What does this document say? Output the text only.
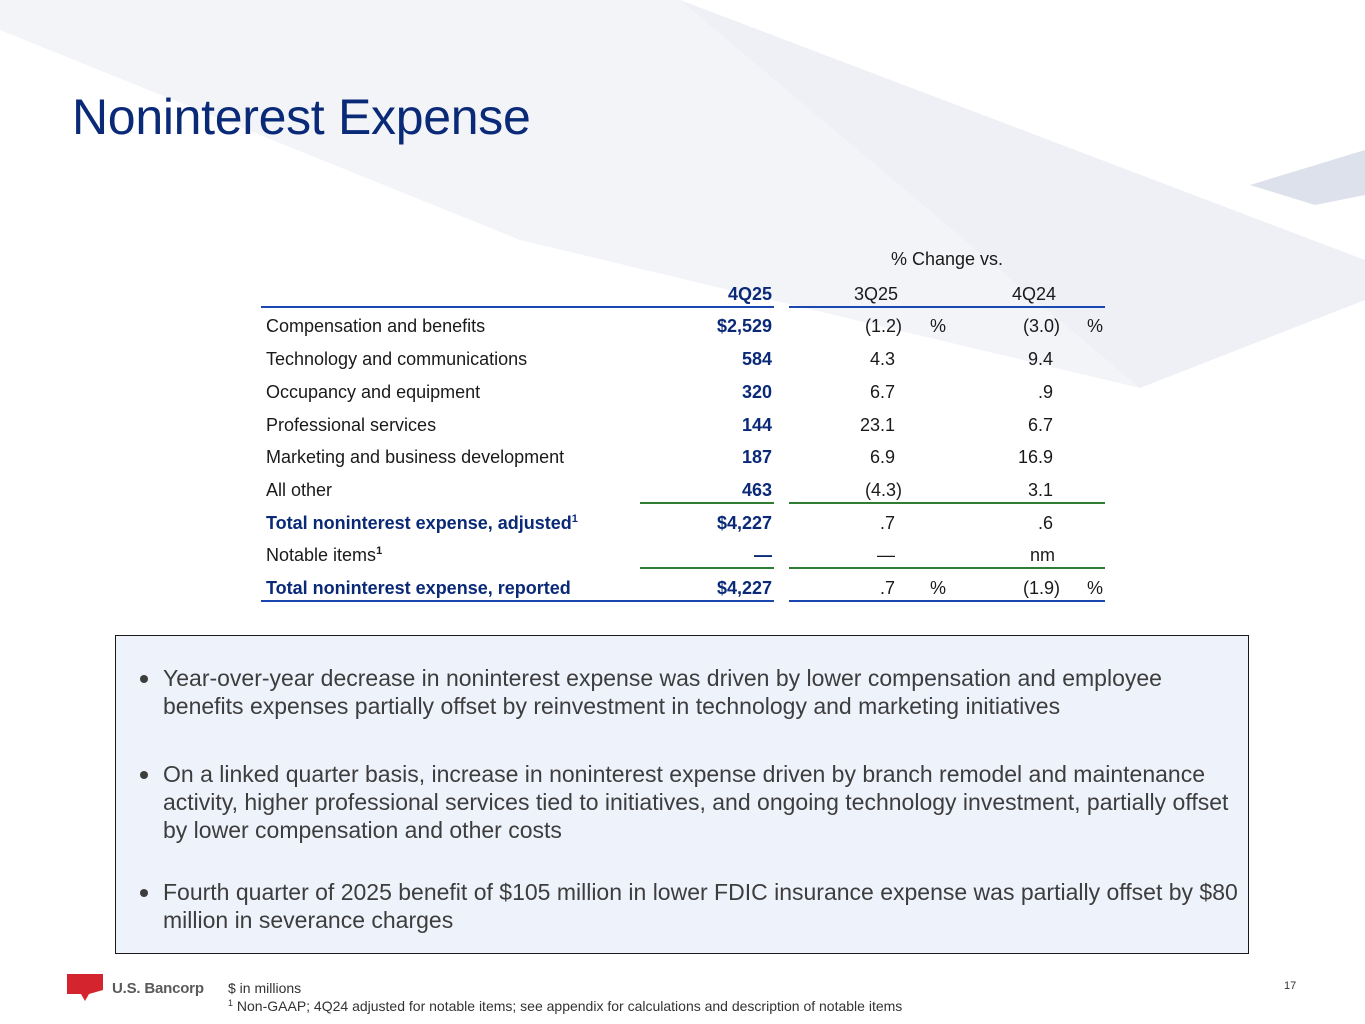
Noninterest Expense
% Change vs.
4Q25	3Q25	4Q24
Compensation and benefits	$2,529	(1.2) %	(3.0) %
Technology and communications	584	4.3	9.4
Occupancy and equipment	320	6.7	.9
Professional services	144	23.1	6.7
Marketing and business development	187	6.9	16.9
All other	463	(4.3)	3.1
Total noninterest expense, adjusted$^1$	$4,227	.7	.6
Notable items$^1$	—	—	nm
Total noninterest expense, reported	$4,227	.7 %	(1.9) %
Year-over-year decrease in noninterest expense was driven by lower compensation and employee benefits expenses partially offset by reinvestment in technology and marketing initiatives
On a linked quarter basis, increase in noninterest expense driven by branch remodel and maintenance activity, higher professional services tied to initiatives, and ongoing technology investment, partially offset by lower compensation and other costs
Fourth quarter of 2025 benefit of $105 million in lower FDIC insurance expense was partially offset by $80 million in severance charges
U.S. Bancorp $ in millions
$^1$ Non-GAAP; 4Q24 adjusted for notable items; see appendix for calculations and description of notable items
17
